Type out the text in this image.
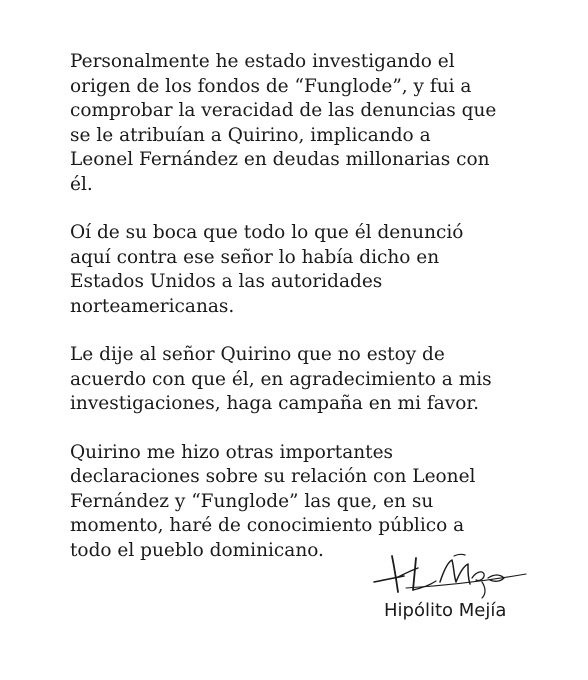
Personalmente he estado investigando el
origen de los fondos de “Funglode”, y fui a
comprobar la veracidad de las denuncias que
se le atribuían a Quirino, implicando a
Leonel Fernández en deudas millonarias con
él.

Oí de su boca que todo lo que él denunció
aquí contra ese señor lo había dicho en
Estados Unidos a las autoridades
norteamericanas.

Le dije al señor Quirino que no estoy de
acuerdo con que él, en agradecimiento a mis
investigaciones, haga campaña en mi favor.

Quirino me hizo otras importantes
declaraciones sobre su relación con Leonel
Fernández y “Funglode” las que, en su
momento, haré de conocimiento público a
todo el pueblo dominicano.

Hipólito Mejía
